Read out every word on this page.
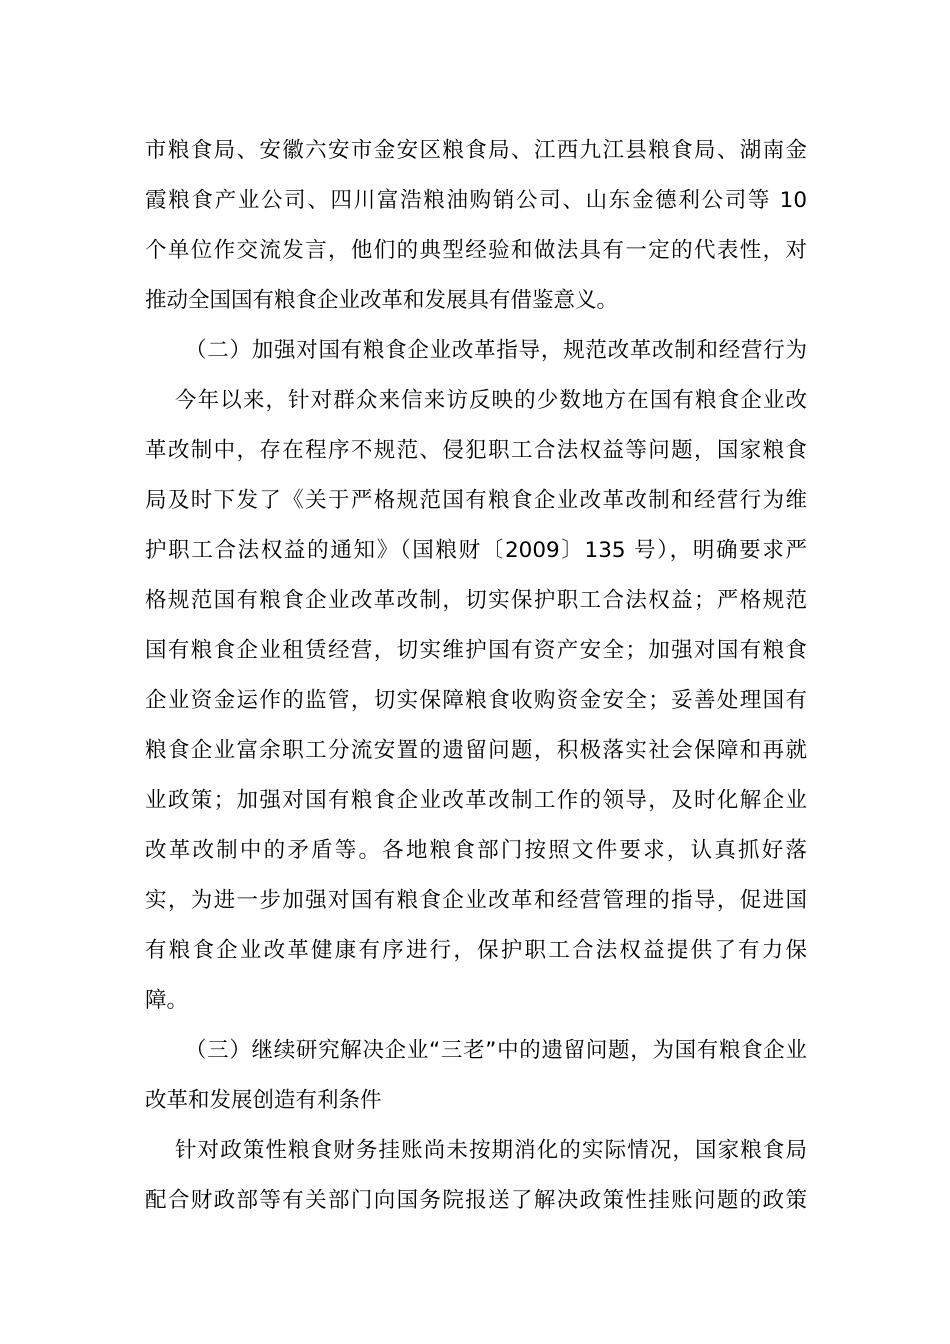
市粮食局、安徽六安市金安区粮食局、江西九江县粮食局、湖南金

霞粮食产业公司、四川富浩粮油购销公司、山东金德利公司等 10

个单位作交流发言，他们的典型经验和做法具有一定的代表性，对

推动全国国有粮食企业改革和发展具有借鉴意义。

（二）加强对国有粮食企业改革指导，规范改革改制和经营行为

今年以来，针对群众来信来访反映的少数地方在国有粮食企业改

革改制中，存在程序不规范、侵犯职工合法权益等问题，国家粮食

局及时下发了《关于严格规范国有粮食企业改革改制和经营行为维

护职工合法权益的通知》（国粮财〔2009〕135 号），明确要求严

格规范国有粮食企业改革改制，切实保护职工合法权益；严格规范

国有粮食企业租赁经营，切实维护国有资产安全；加强对国有粮食

企业资金运作的监管，切实保障粮食收购资金安全；妥善处理国有

粮食企业富余职工分流安置的遗留问题，积极落实社会保障和再就

业政策；加强对国有粮食企业改革改制工作的领导，及时化解企业

改革改制中的矛盾等。各地粮食部门按照文件要求，认真抓好落

实，为进一步加强对国有粮食企业改革和经营管理的指导，促进国

有粮食企业改革健康有序进行，保护职工合法权益提供了有力保

障。

（三）继续研究解决企业“三老”中的遗留问题，为国有粮食企业

改革和发展创造有利条件

针对政策性粮食财务挂账尚未按期消化的实际情况，国家粮食局

配合财政部等有关部门向国务院报送了解决政策性挂账问题的政策
